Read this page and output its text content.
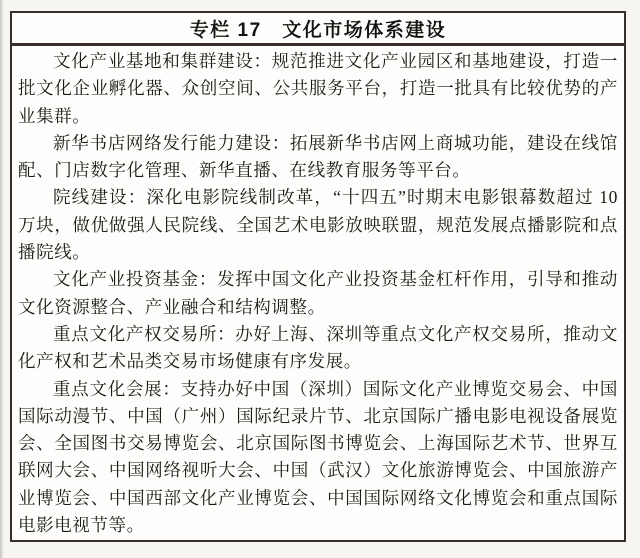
专栏 17　文化市场体系建设

文化产业基地和集群建设：规范推进文化产业园区和基地建设，打造一批文化企业孵化器、众创空间、公共服务平台，打造一批具有比较优势的产业集群。

新华书店网络发行能力建设：拓展新华书店网上商城功能，建设在线馆配、门店数字化管理、新华直播、在线教育服务等平台。

院线建设：深化电影院线制改革，“十四五”时期末电影银幕数超过 10 万块，做优做强人民院线、全国艺术电影放映联盟，规范发展点播影院和点播院线。

文化产业投资基金：发挥中国文化产业投资基金杠杆作用，引导和推动文化资源整合、产业融合和结构调整。

重点文化产权交易所：办好上海、深圳等重点文化产权交易所，推动文化产权和艺术品类交易市场健康有序发展。

重点文化会展：支持办好中国（深圳）国际文化产业博览交易会、中国国际动漫节、中国（广州）国际纪录片节、北京国际广播电影电视设备展览会、全国图书交易博览会、北京国际图书博览会、上海国际艺术节、世界互联网大会、中国网络视听大会、中国（武汉）文化旅游博览会、中国旅游产业博览会、中国西部文化产业博览会、中国国际网络文化博览会和重点国际电影电视节等。
